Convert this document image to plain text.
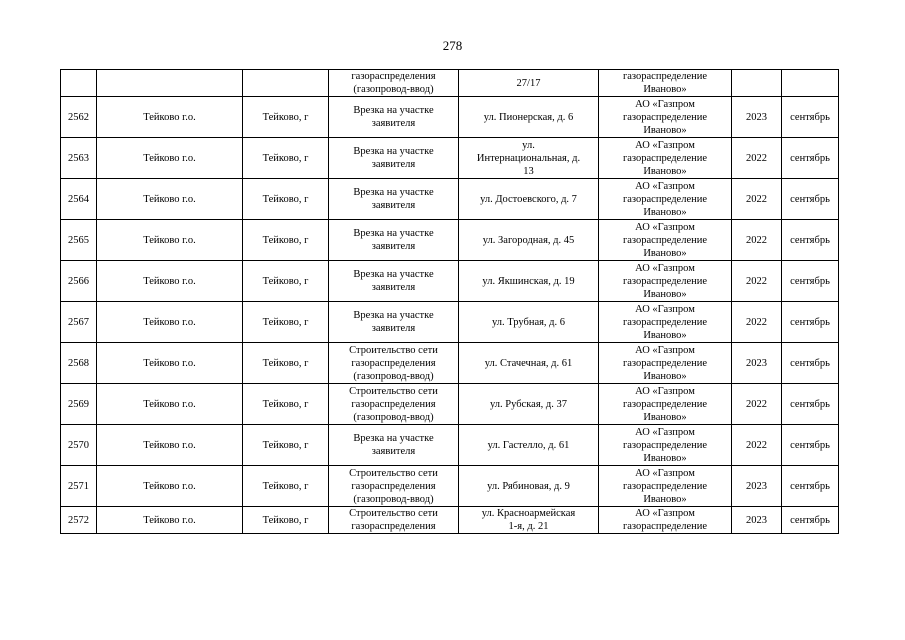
278
			газораспределения
(газопровод-ввод)	27/17	газораспределение
Иваново»		
2562	Тейково г.о.	Тейково, г	Врезка на участке
заявителя	ул. Пионерская, д. 6	АО «Газпром
газораспределение
Иваново»	2023	сентябрь
2563	Тейково г.о.	Тейково, г	Врезка на участке
заявителя	ул.
Интернациональная, д.
13	АО «Газпром
газораспределение
Иваново»	2022	сентябрь
2564	Тейково г.о.	Тейково, г	Врезка на участке
заявителя	ул. Достоевского, д. 7	АО «Газпром
газораспределение
Иваново»	2022	сентябрь
2565	Тейково г.о.	Тейково, г	Врезка на участке
заявителя	ул. Загородная, д. 45	АО «Газпром
газораспределение
Иваново»	2022	сентябрь
2566	Тейково г.о.	Тейково, г	Врезка на участке
заявителя	ул. Якшинская, д. 19	АО «Газпром
газораспределение
Иваново»	2022	сентябрь
2567	Тейково г.о.	Тейково, г	Врезка на участке
заявителя	ул. Трубная, д. 6	АО «Газпром
газораспределение
Иваново»	2022	сентябрь
2568	Тейково г.о.	Тейково, г	Строительство сети
газораспределения
(газопровод-ввод)	ул. Стачечная, д. 61	АО «Газпром
газораспределение
Иваново»	2023	сентябрь
2569	Тейково г.о.	Тейково, г	Строительство сети
газораспределения
(газопровод-ввод)	ул. Рубская, д. 37	АО «Газпром
газораспределение
Иваново»	2022	сентябрь
2570	Тейково г.о.	Тейково, г	Врезка на участке
заявителя	ул. Гастелло, д. 61	АО «Газпром
газораспределение
Иваново»	2022	сентябрь
2571	Тейково г.о.	Тейково, г	Строительство сети
газораспределения
(газопровод-ввод)	ул. Рябиновая, д. 9	АО «Газпром
газораспределение
Иваново»	2023	сентябрь
2572	Тейково г.о.	Тейково, г	Строительство сети
газораспределения	ул. Красноармейская
1-я, д. 21	АО «Газпром
газораспределение	2023	сентябрь
